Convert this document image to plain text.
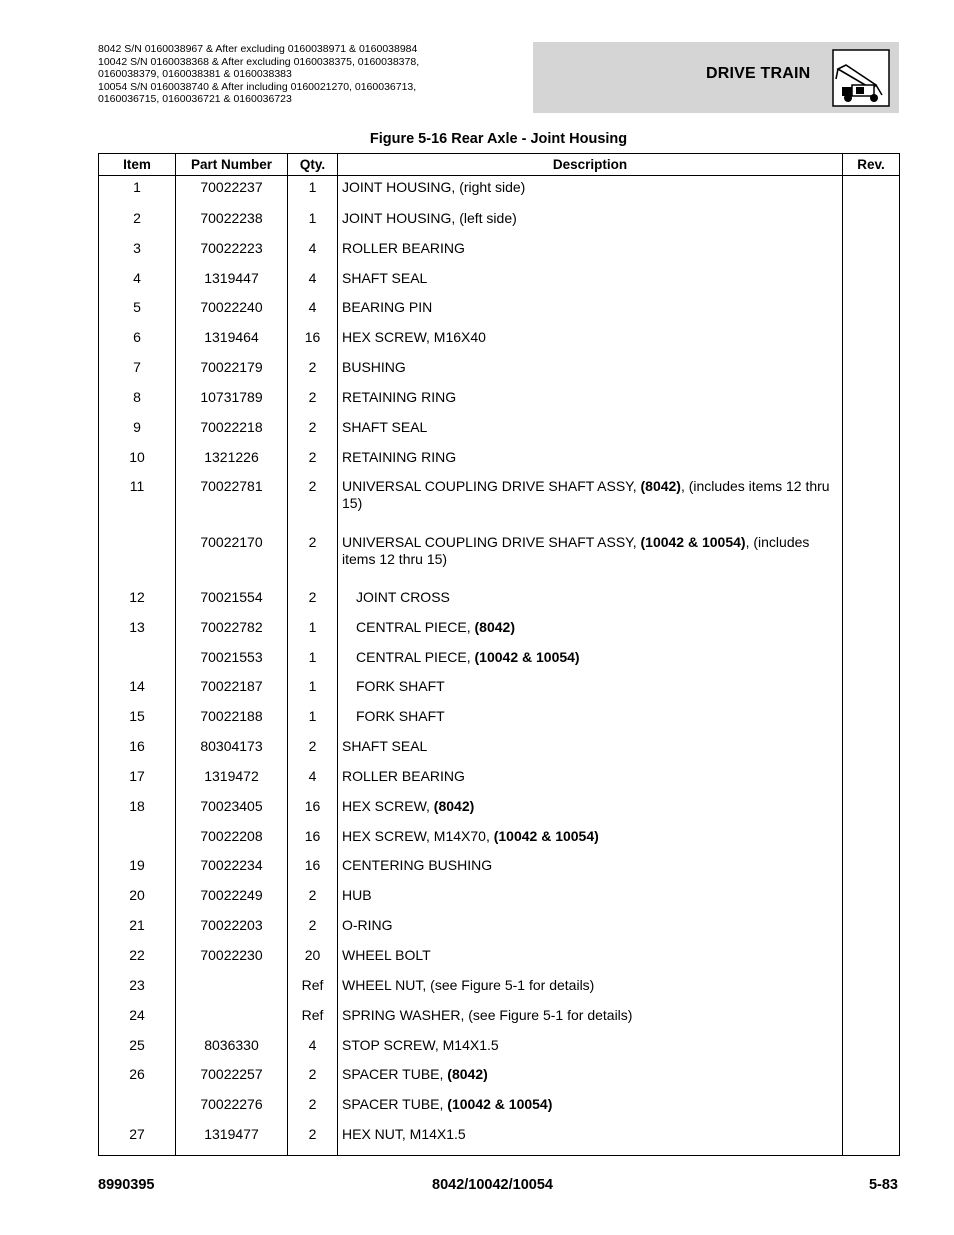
8042 S/N 0160038967 & After excluding 0160038971 & 0160038984
10042 S/N 0160038368 & After excluding 0160038375, 0160038378,
0160038379, 0160038381 & 0160038383
10054 S/N 0160038740 & After including 0160021270, 0160036713,
0160036715, 0160036721 & 0160036723
DRIVE TRAIN
Figure 5-16 Rear Axle - Joint Housing
Item	Part Number	Qty.	Description	Rev.
1	70022237	1	JOINT HOUSING, (right side)	
2	70022238	1	JOINT HOUSING, (left side)	
3	70022223	4	ROLLER BEARING	
4	1319447	4	SHAFT SEAL	
5	70022240	4	BEARING PIN	
6	1319464	16	HEX SCREW, M16X40	
7	70022179	2	BUSHING	
8	10731789	2	RETAINING RING	
9	70022218	2	SHAFT SEAL	
10	1321226	2	RETAINING RING	
11	70022781	2	UNIVERSAL COUPLING DRIVE SHAFT ASSY, (8042), (includes items 12 thru 15)	
	70022170	2	UNIVERSAL COUPLING DRIVE SHAFT ASSY, (10042 & 10054), (includes items 12 thru 15)	
12	70021554	2	JOINT CROSS	
13	70022782	1	CENTRAL PIECE, (8042)	
	70021553	1	CENTRAL PIECE, (10042 & 10054)	
14	70022187	1	FORK SHAFT	
15	70022188	1	FORK SHAFT	
16	80304173	2	SHAFT SEAL	
17	1319472	4	ROLLER BEARING	
18	70023405	16	HEX SCREW, (8042)	
	70022208	16	HEX SCREW, M14X70, (10042 & 10054)	
19	70022234	16	CENTERING BUSHING	
20	70022249	2	HUB	
21	70022203	2	O-RING	
22	70022230	20	WHEEL BOLT	
23		Ref	WHEEL NUT, (see Figure 5-1 for details)	
24		Ref	SPRING WASHER, (see Figure 5-1 for details)	
25	8036330	4	STOP SCREW, M14X1.5	
26	70022257	2	SPACER TUBE, (8042)	
	70022276	2	SPACER TUBE, (10042 & 10054)	
27	1319477	2	HEX NUT, M14X1.5	

8990395	8042/10042/10054	5-83
